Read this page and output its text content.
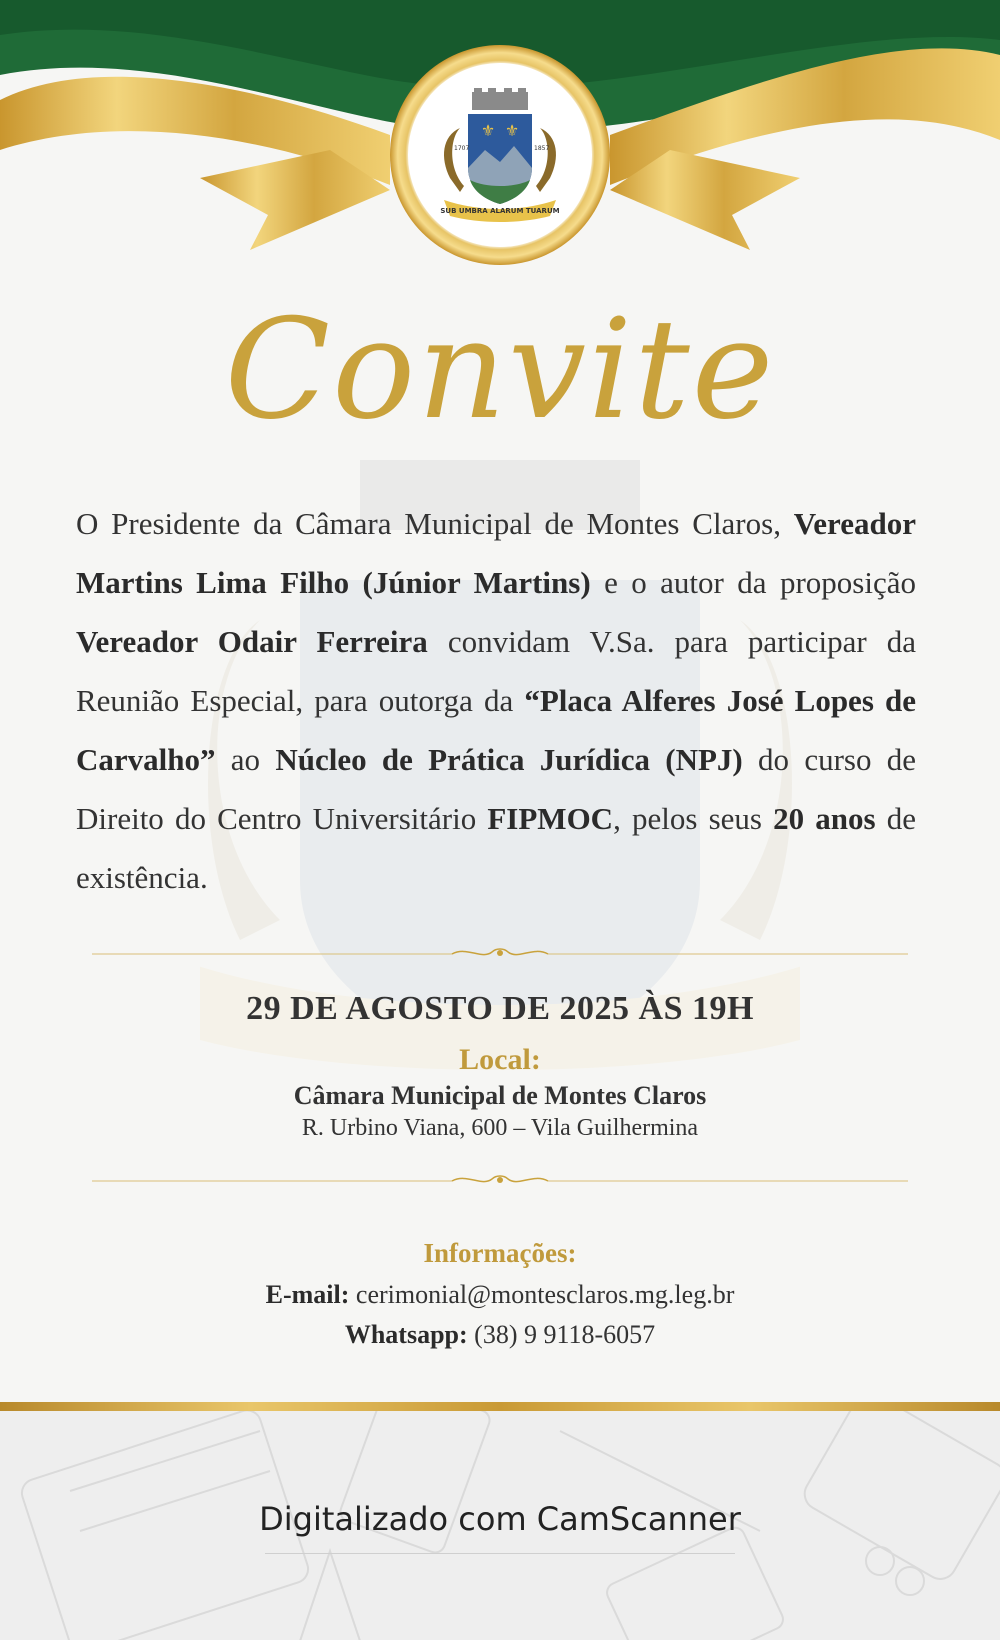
⚜ ⚜
1707	1857
SUB UMBRA ALARUM TUARUM
Convite
O Presidente da Câmara Municipal de Montes Claros, Vereador Martins Lima Filho (Júnior Martins) e o autor da proposição Vereador Odair Ferreira convidam V.Sa. para participar da Reunião Especial, para outorga da “Placa Alferes José Lopes de Carvalho” ao Núcleo de Prática Jurídica (NPJ) do curso de Direito do Centro Universitário FIPMOC, pelos seus 20 anos de existência.
29 DE AGOSTO DE 2025 ÀS 19H
Local:
Câmara Municipal de Montes Claros
R. Urbino Viana, 600 – Vila Guilhermina
Informações:
E-mail: cerimonial@montesclaros.mg.leg.br
Whatsapp: (38) 9 9118-6057
Digitalizado com CamScanner
